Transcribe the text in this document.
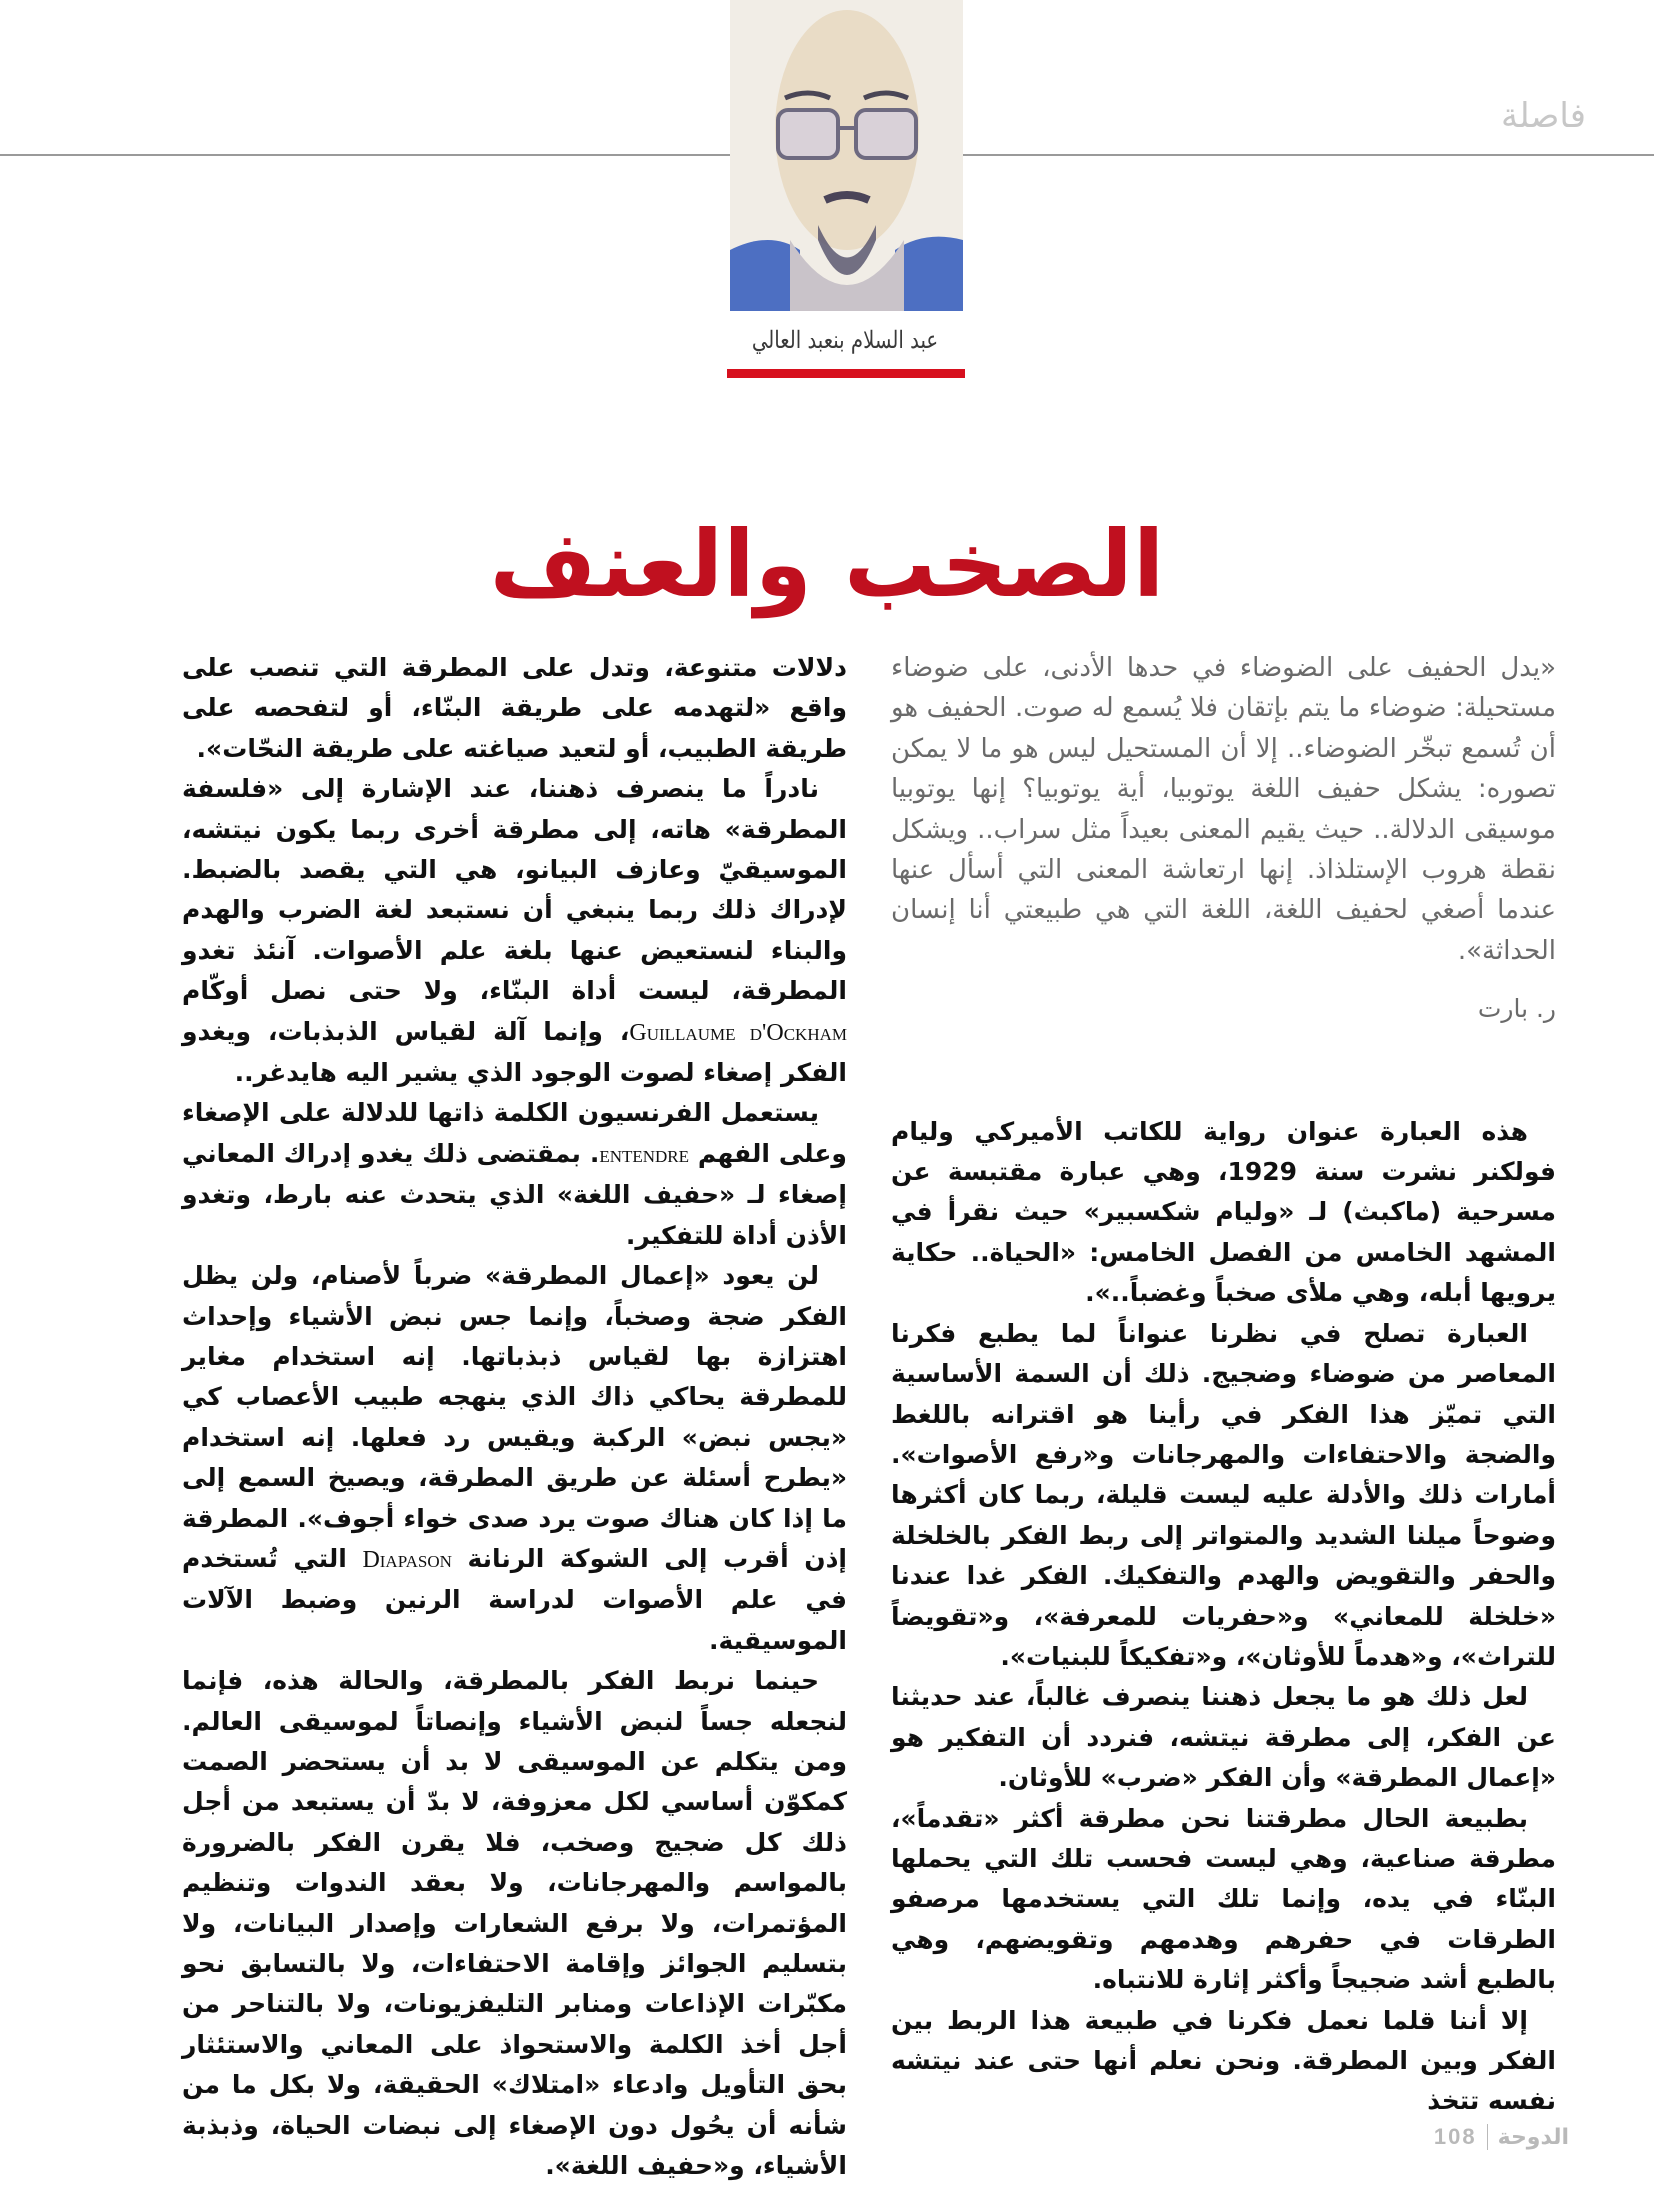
فاصلة
عبد السلام بنعبد العالي
الصخب والعنف

«يدل الحفيف على الضوضاء في حدها الأدنى، على ضوضاء مستحيلة: ضوضاء ما يتم بإتقان فلا يُسمع له صوت. الحفيف هو أن تُسمع تبخّر الضوضاء.. إلا أن المستحيل ليس هو ما لا يمكن تصوره: يشكل حفيف اللغة يوتوبيا، أية يوتوبيا؟ إنها يوتوبيا موسيقى الدلالة.. حيث يقيم المعنى بعيداً مثل سراب.. ويشكل نقطة هروب الإستلذاذ. إنها ارتعاشة المعنى التي أسأل عنها عندما أصغي لحفيف اللغة، اللغة التي هي طبيعتي أنا إنسان الحداثة».

ر. بارت

هذه العبارة عنوان رواية للكاتب الأميركي وليام فولكنر نشرت سنة 1929، وهي عبارة مقتبسة عن مسرحية (ماكبث) لـ «وليام شكسبير» حيث نقرأ في المشهد الخامس من الفصل الخامس: «الحياة.. حكاية يرويها أبله، وهي ملأى صخباً وغضباً..».

العبارة تصلح في نظرنا عنواناً لما يطبع فكرنا المعاصر من ضوضاء وضجيج. ذلك أن السمة الأساسية التي تميّز هذا الفكر في رأينا هو اقترانه باللغط والضجة والاحتفاءات والمهرجانات و«رفع الأصوات». أمارات ذلك والأدلة عليه ليست قليلة، ربما كان أكثرها وضوحاً ميلنا الشديد والمتواتر إلى ربط الفكر بالخلخلة والحفر والتقويض والهدم والتفكيك. الفكر غدا عندنا «خلخلة للمعاني» و«حفريات للمعرفة»، و«تقويضاً للتراث»، و«هدماً للأوثان»، و«تفكيكاً للبنيات».

لعل ذلك هو ما يجعل ذهننا ينصرف غالباً، عند حديثنا عن الفكر، إلى مطرقة نيتشه، فنردد أن التفكير هو «إعمال المطرقة» وأن الفكر «ضرب» للأوثان.

بطبيعة الحال مطرقتنا نحن مطرقة أكثر «تقدماً»، مطرقة صناعية، وهي ليست فحسب تلك التي يحملها البنّاء في يده، وإنما تلك التي يستخدمها مرصفو الطرقات في حفرهم وهدمهم وتقويضهم، وهي بالطبع أشد ضجيجاً وأكثر إثارة للانتباه.

إلا أننا قلما نعمل فكرنا في طبيعة هذا الربط بين الفكر وبين المطرقة. ونحن نعلم أنها حتى عند نيتشه نفسه تتخذ

دلالات متنوعة، وتدل على المطرقة التي تنصب على واقع «لتهدمه على طريقة البنّاء، أو لتفحصه على طريقة الطبيب، أو لتعيد صياغته على طريقة النحّات».

نادراً ما ينصرف ذهننا، عند الإشارة إلى «فلسفة المطرقة» هاته، إلى مطرقة أخرى ربما يكون نيتشه، الموسيقيّ وعازف البيانو، هي التي يقصد بالضبط. لإدراك ذلك ربما ينبغي أن نستبعد لغة الضرب والهدم والبناء لنستعيض عنها بلغة علم الأصوات. آنئذ تغدو المطرقة، ليست أداة البنّاء، ولا حتى نصل أوكّام Guillaume d'Ockham، وإنما آلة لقياس الذبذبات، ويغدو الفكر إصغاء لصوت الوجود الذي يشير اليه هايدغر..

يستعمل الفرنسيون الكلمة ذاتها للدلالة على الإصغاء وعلى الفهم entendre. بمقتضى ذلك يغدو إدراك المعاني إصغاء لـ «حفيف اللغة» الذي يتحدث عنه بارط، وتغدو الأذن أداة للتفكير.

لن يعود «إعمال المطرقة» ضرباً لأصنام، ولن يظل الفكر ضجة وصخباً، وإنما جس نبض الأشياء وإحداث اهتزازة بها لقياس ذبذباتها. إنه استخدام مغاير للمطرقة يحاكي ذاك الذي ينهجه طبيب الأعصاب كي «يجس نبض» الركبة ويقيس رد فعلها. إنه استخدام «يطرح أسئلة عن طريق المطرقة، ويصيخ السمع إلى ما إذا كان هناك صوت يرد صدى خواء أجوف». المطرقة إذن أقرب إلى الشوكة الرنانة Diapason التي تُستخدم في علم الأصوات لدراسة الرنين وضبط الآلات الموسيقية.

حينما نربط الفكر بالمطرقة، والحالة هذه، فإنما لنجعله جساً لنبض الأشياء وإنصاتاً لموسيقى العالم. ومن يتكلم عن الموسيقى لا بد أن يستحضر الصمت كمكوّن أساسي لكل معزوفة، لا بدّ أن يستبعد من أجل ذلك كل ضجيج وصخب، فلا يقرن الفكر بالضرورة بالمواسم والمهرجانات، ولا بعقد الندوات وتنظيم المؤتمرات، ولا برفع الشعارات وإصدار البيانات، ولا بتسليم الجوائز وإقامة الاحتفاءات، ولا بالتسابق نحو مكبّرات الإذاعات ومنابر التليفزيونات، ولا بالتناحر من أجل أخذ الكلمة والاستحواذ على المعاني والاستئثار بحق التأويل وادعاء «امتلاك» الحقيقة، ولا بكل ما من شأنه أن يحُول دون الإصغاء إلى نبضات الحياة، وذبذبة الأشياء، و«حفيف اللغة».

الدوحة
108
